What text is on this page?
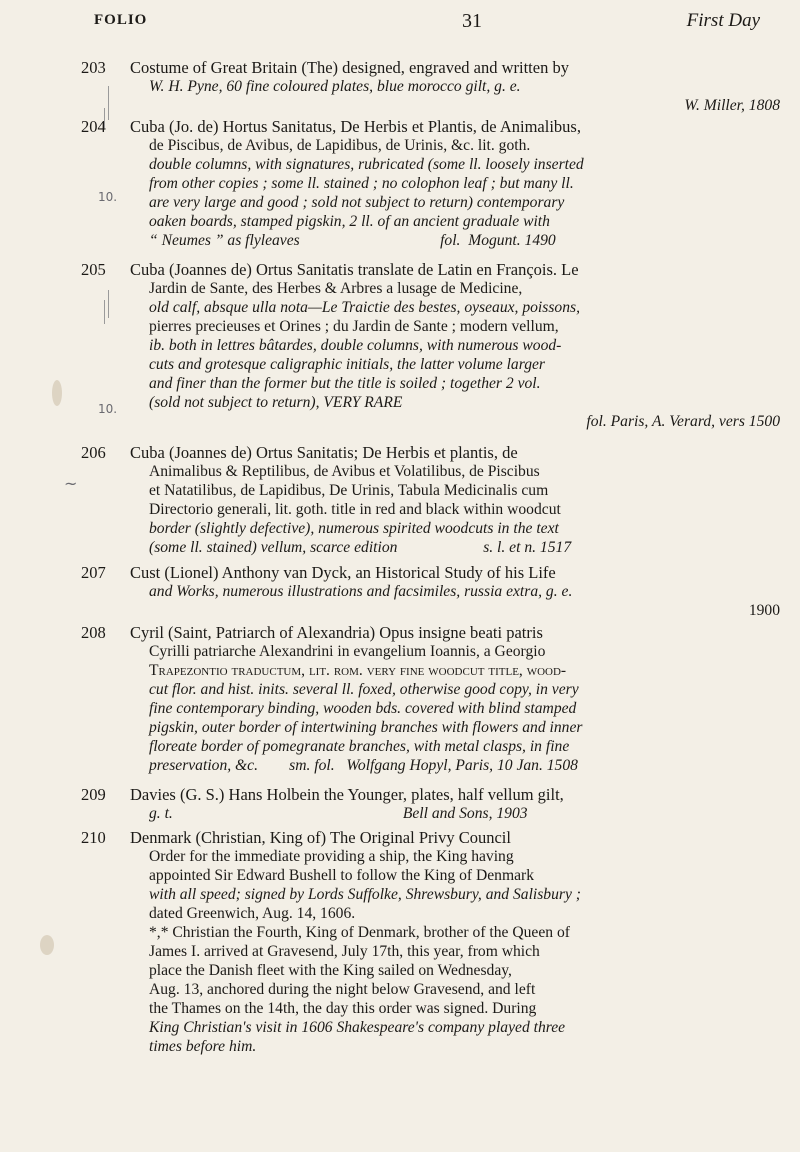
FOLIO	31	First Day
10.
10.
~
203 Costume of Great Britain (The) designed, engraved and written by

W. H. Pyne, 60 fine coloured plates, blue morocco gilt, g. e.

W. Miller, 1808

204 Cuba (Jo. de) Hortus Sanitatus, De Herbis et Plantis, de Animalibus,

de Piscibus, de Avibus, de Lapidibus, de Urinis, &c. lit. goth.

double columns, with signatures, rubricated (some ll. loosely inserted

from other copies ; some ll. stained ; no colophon leaf ; but many ll.

are very large and good ; sold not subject to return) contemporary

oaken boards, stamped pigskin, 2 ll. of an ancient graduale with

“ Neumes ” as flyleaves                                    fol.  Mogunt. 1490

205 Cuba (Joannes de) Ortus Sanitatis translate de Latin en François. Le

Jardin de Sante, des Herbes & Arbres a lusage de Medicine,

old calf, absque ulla nota—Le Traictie des bestes, oyseaux, poissons,

pierres precieuses et Orines ; du Jardin de Sante ; modern vellum,

ib. both in lettres bâtardes, double columns, with numerous wood-

cuts and grotesque caligraphic initials, the latter volume larger

and finer than the former but the title is soiled ; together 2 vol.

(sold not subject to return), VERY RARE

fol. Paris, A. Verard, vers 1500

206 Cuba (Joannes de) Ortus Sanitatis; De Herbis et plantis, de

Animalibus & Reptilibus, de Avibus et Volatilibus, de Piscibus

et Natatilibus, de Lapidibus, De Urinis, Tabula Medicinalis cum

Directorio generali, lit. goth. title in red and black within woodcut

border (slightly defective), numerous spirited woodcuts in the text

(some ll. stained) vellum, scarce edition                      s. l. et n. 1517

207 Cust (Lionel) Anthony van Dyck, an Historical Study of his Life

and Works, numerous illustrations and facsimiles, russia extra, g. e.

1900

208 Cyril (Saint, Patriarch of Alexandria) Opus insigne beati patris

Cyrilli patriarche Alexandrini in evangelium Ioannis, a Georgio

Trapezontio traductum, lit. rom. very fine woodcut title, wood-

cut flor. and hist. inits. several ll. foxed, otherwise good copy, in very

fine contemporary binding, wooden bds. covered with blind stamped

pigskin, outer border of intertwining branches with flowers and inner

floreate border of pomegranate branches, with metal clasps, in fine

preservation, &c.        sm. fol.   Wolfgang Hopyl, Paris, 10 Jan. 1508

209 Davies (G. S.) Hans Holbein the Younger, plates, half vellum gilt,

g. t.                                                           Bell and Sons, 1903

210 Denmark (Christian, King of) The Original Privy Council

Order for the immediate providing a ship, the King having

appointed Sir Edward Bushell to follow the King of Denmark

with all speed; signed by Lords Suffolke, Shrewsbury, and Salisbury ;

dated Greenwich, Aug. 14, 1606.

*,* Christian the Fourth, King of Denmark, brother of the Queen of

James I. arrived at Gravesend, July 17th, this year, from which

place the Danish fleet with the King sailed on Wednesday,

Aug. 13, anchored during the night below Gravesend, and left

the Thames on the 14th, the day this order was signed. During

King Christian's visit in 1606 Shakespeare's company played three

times before him.
